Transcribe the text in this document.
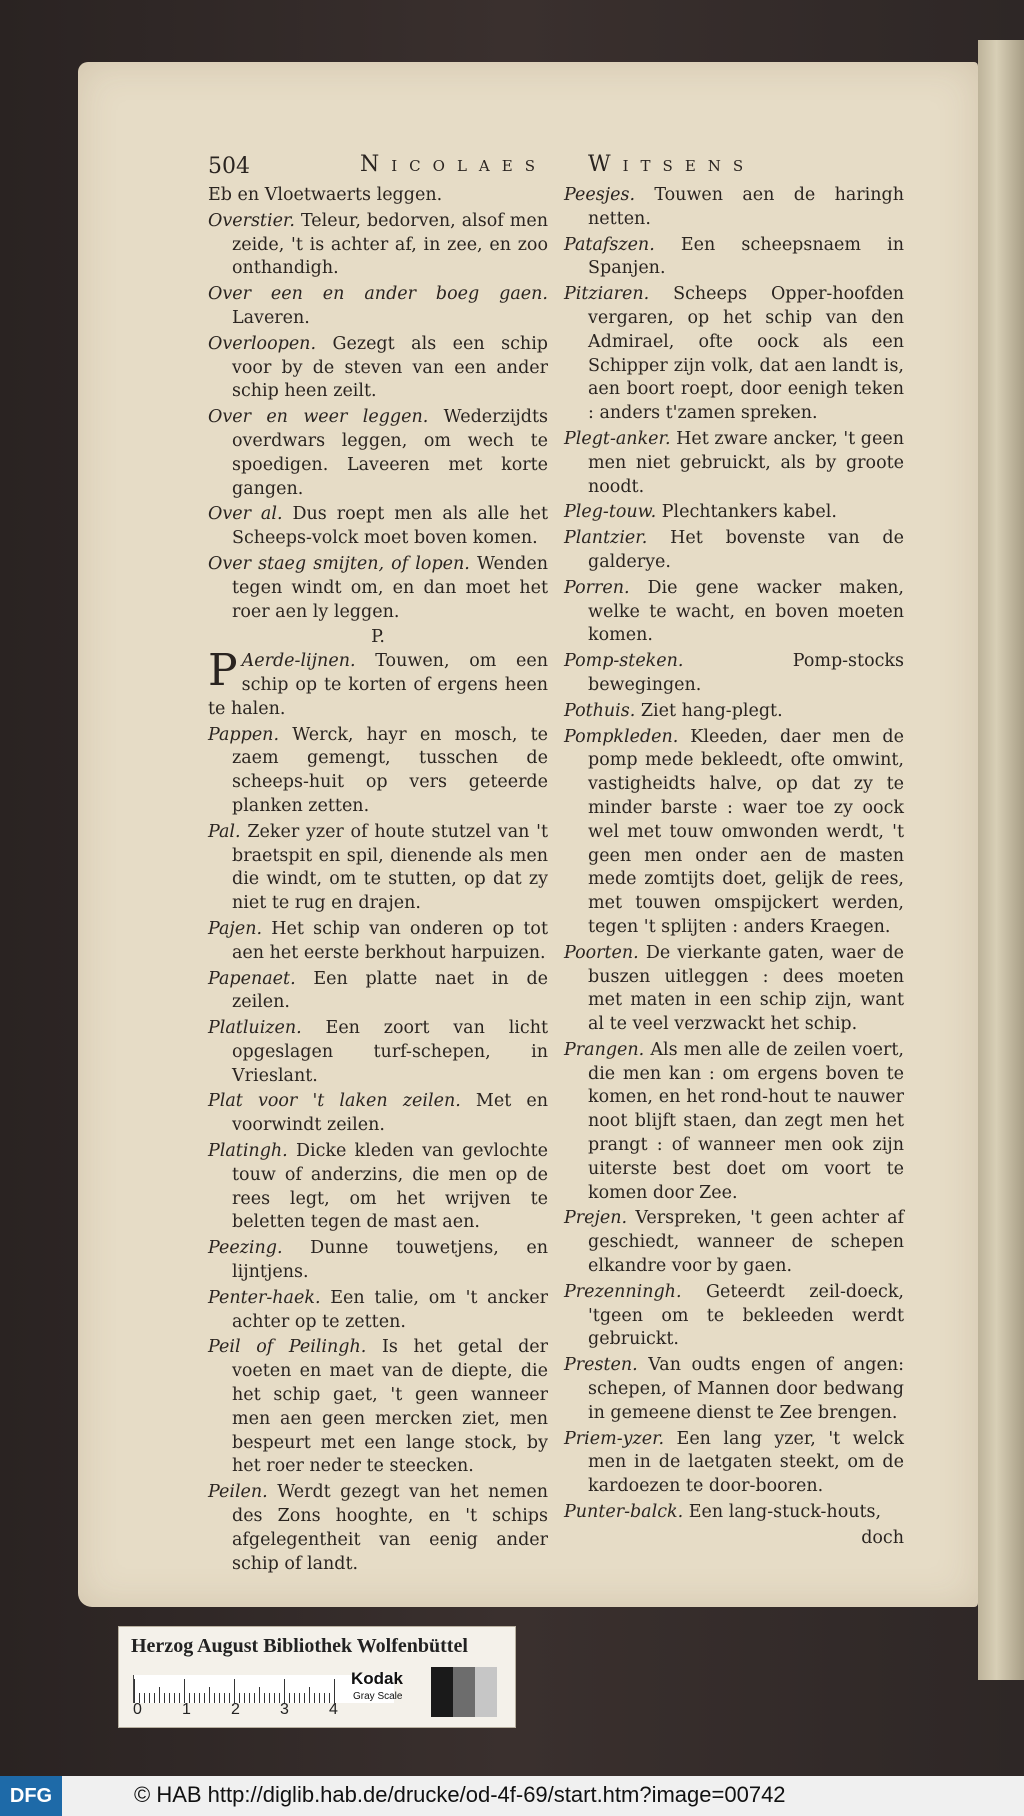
504	Nicolaes Witsens

Eb en Vloetwaerts leggen.

Overstier. Teleur, bedorven, alsof men zeide, 't is achter af, in zee, en zoo onthandigh.

Over een en ander boeg gaen. Laveren.

Overloopen. Gezegt als een schip voor by de steven van een ander schip heen zeilt.

Over en weer leggen. Wederzijdts overdwars leggen, om wech te spoedigen. Laveeren met korte gangen.

Over al. Dus roept men als alle het Scheeps-volck moet boven komen.

Over staeg smijten, of lopen. Wenden tegen windt om, en dan moet het roer aen ly leggen.

P.

P Aerde-lijnen. Touwen, om een schip op te korten of ergens heen te halen.

Pappen. Werck, hayr en mosch, te zaem gemengt, tusschen de scheeps-huit op vers geteerde planken zetten.

Pal. Zeker yzer of houte stutzel van 't braetspit en spil, dienende als men die windt, om te stutten, op dat zy niet te rug en drajen.

Pajen. Het schip van onderen op tot aen het eerste berkhout harpuizen.

Papenaet. Een platte naet in de zeilen.

Platluizen. Een zoort van licht opgeslagen turf-schepen, in Vrieslant.

Plat voor 't laken zeilen. Met en voorwindt zeilen.

Platingh. Dicke kleden van gevlochte touw of anderzins, die men op de rees legt, om het wrijven te beletten tegen de mast aen.

Peezing. Dunne touwetjens, en lijntjens.

Penter-haek. Een talie, om 't ancker achter op te zetten.

Peil of Peilingh. Is het getal der voeten en maet van de diepte, die het schip gaet, 't geen wanneer men aen geen mercken ziet, men bespeurt met een lange stock, by het roer neder te steecken.

Peilen. Werdt gezegt van het nemen des Zons hooghte, en 't schips afgelegentheit van eenig ander schip of landt.

Peesjes. Touwen aen de haringh netten.

Patafszen. Een scheepsnaem in Spanjen.

Pitziaren. Scheeps Opper-hoofden vergaren, op het schip van den Admirael, ofte oock als een Schipper zijn volk, dat aen landt is, aen boort roept, door eenigh teken : anders t'zamen spreken.

Plegt-anker. Het zware ancker, 't geen men niet gebruickt, als by groote noodt.

Pleg-touw. Plechtankers kabel.

Plantzier. Het bovenste van de galderye.

Porren. Die gene wacker maken, welke te wacht, en boven moeten komen.

Pomp-steken. Pomp-stocks bewegingen.

Pothuis. Ziet hang-plegt.

Pompkleden. Kleeden, daer men de pomp mede bekleedt, ofte omwint, vastigheidts halve, op dat zy te minder barste : waer toe zy oock wel met touw omwonden werdt, 't geen men onder aen de masten mede zomtijts doet, gelijk de rees, met touwen omspijckert werden, tegen 't splijten : anders Kraegen.

Poorten. De vierkante gaten, waer de buszen uitleggen : dees moeten met maten in een schip zijn, want al te veel verzwackt het schip.

Prangen. Als men alle de zeilen voert, die men kan : om ergens boven te komen, en het rond-hout te nauwer noot blijft staen, dan zegt men het prangt : of wanneer men ook zijn uiterste best doet om voort te komen door Zee.

Prejen. Verspreken, 't geen achter af geschiedt, wanneer de schepen elkandre voor by gaen.

Prezenningh. Geteerdt zeil-doeck, 'tgeen om te bekleeden werdt gebruickt.

Presten. Van oudts engen of angen: schepen, of Mannen door bedwang in gemeene dienst te Zee brengen.

Priem-yzer. Een lang yzer, 't welck men in de laetgaten steekt, om de kardoezen te door-booren.

Punter-balck. Een lang-stuck-houts,

doch

Herzog August Bibliothek Wolfenbüttel
0	1	2	3	4
Kodak
Gray Scale
DFG	© HAB http://diglib.hab.de/drucke/od-4f-69/start.htm?image=00742
